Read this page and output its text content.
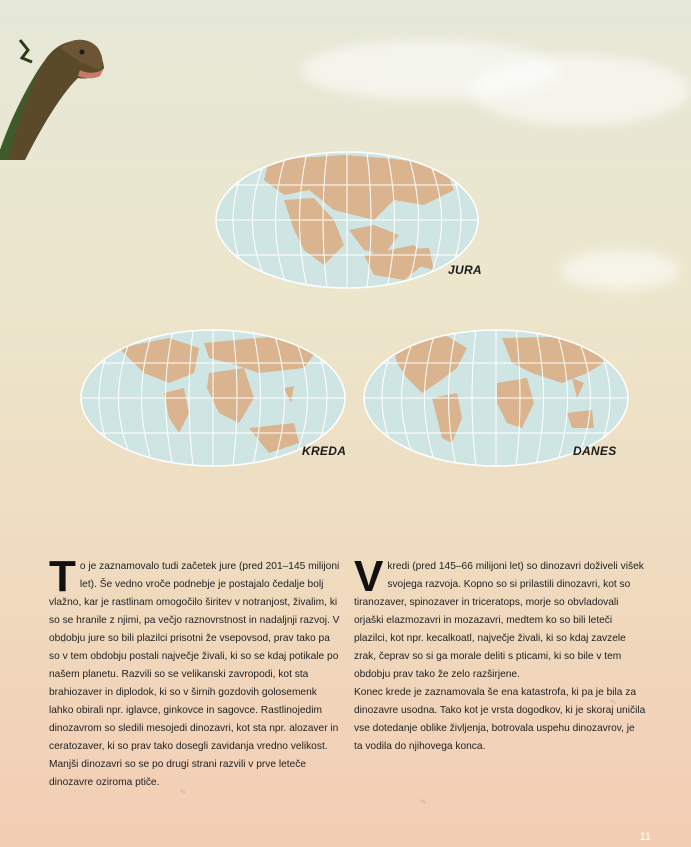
JURA
KREDA	DANES

To je zaznamovalo tudi začetek jure (pred 201–145 milijoni let). Še vedno vroče podnebje je postajalo čedalje bolj vlažno, kar je rastlinam omogočilo širitev v notranjost, živalim, ki so se hranile z njimi, pa večjo raznovrstnost in nadaljnji razvoj. V obdobju jure so bili plazilci prisotni že vsepovsod, prav tako pa so v tem obdobju postali največje živali, ki so se kdaj potikale po našem planetu. Razvili so se velikanski zavropodi, kot sta brahiozaver in diplodok, ki so v širnih gozdovih golosemenk lahko obirali npr. iglavce, ginkovce in sagovce. Rastlinojedim dinozavrom so sledili mesojedi dinozavri, kot sta npr. alozaver in ceratozaver, ki so prav tako dosegli zavidanja vredno velikost. Manjši dinozavri so se po drugi strani razvili v prve leteče dinozavre oziroma ptiče.

V kredi (pred 145–66 milijoni let) so dinozavri doživeli višek svojega razvoja. Kopno so si prilastili dinozavri, kot so tiranozaver, spinozaver in triceratops, morje so obvladovali orjaški elazmozavri in mozazavri, medtem ko so bili leteči plazilci, kot npr. kecalkoatl, največje živali, ki so kdaj zavzele zrak, čeprav so si ga morale deliti s pticami, ki so bile v tem obdobju prav tako že zelo razširjene.

Konec krede je zaznamovala še ena katastrofa, ki pa je bila za dinozavre usodna. Tako kot je vrsta dogodkov, ki je skoraj uničila vse dotedanje oblike življenja, botrovala uspehu dinozavrov, je ta vodila do njihovega konca.

11
